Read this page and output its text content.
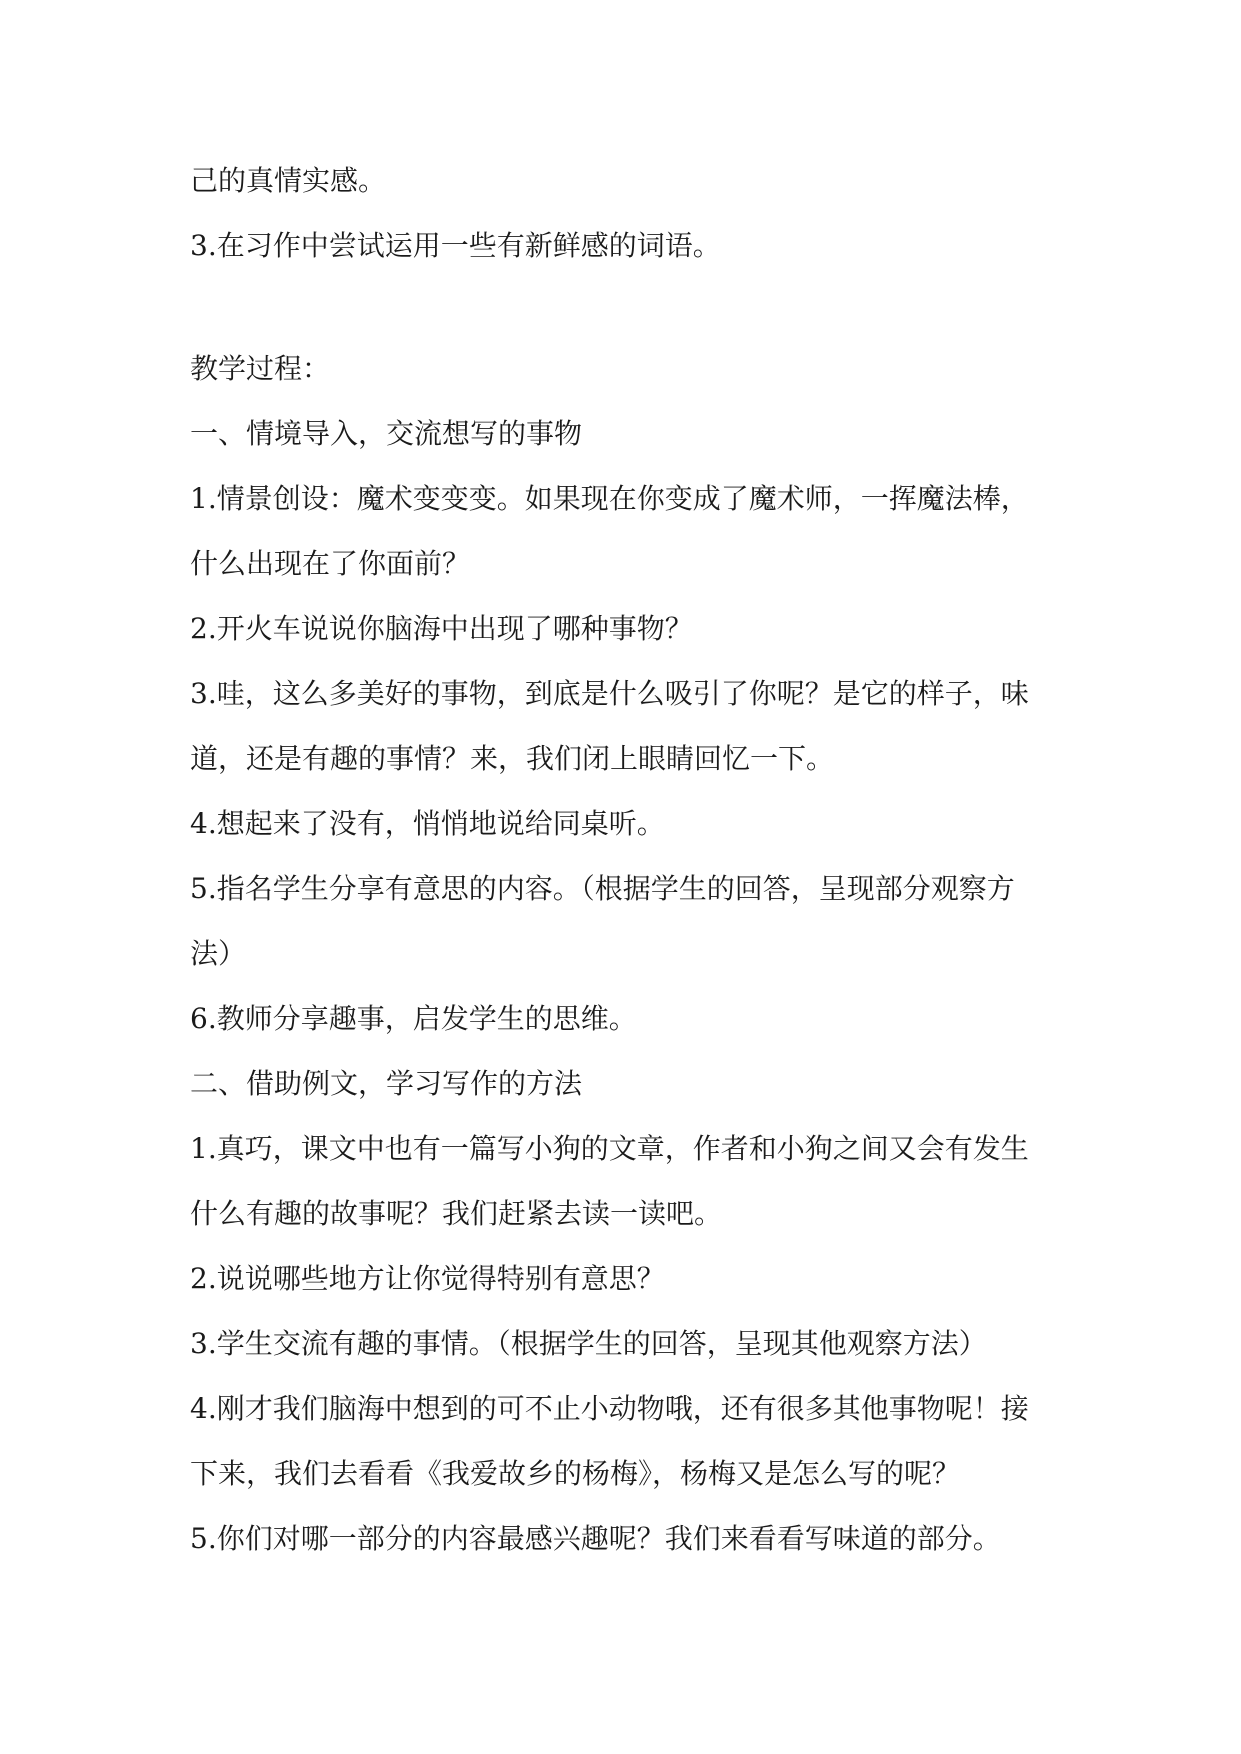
己的真情实感。
3.在习作中尝试运用一些有新鲜感的词语。
教学过程：
一、情境导入，交流想写的事物
1.情景创设：魔术变变变。如果现在你变成了魔术师，一挥魔法棒，
什么出现在了你面前？
2.开火车说说你脑海中出现了哪种事物？
3.哇，这么多美好的事物，到底是什么吸引了你呢？是它的样子，味
道，还是有趣的事情？来，我们闭上眼睛回忆一下。
4.想起来了没有，悄悄地说给同桌听。
5.指名学生分享有意思的内容。（根据学生的回答，呈现部分观察方
法）
6.教师分享趣事，启发学生的思维。
二、借助例文，学习写作的方法
1.真巧，课文中也有一篇写小狗的文章，作者和小狗之间又会有发生
什么有趣的故事呢？我们赶紧去读一读吧。
2.说说哪些地方让你觉得特别有意思？
3.学生交流有趣的事情。（根据学生的回答，呈现其他观察方法）
4.刚才我们脑海中想到的可不止小动物哦，还有很多其他事物呢！接
下来，我们去看看《我爱故乡的杨梅》，杨梅又是怎么写的呢？
5.你们对哪一部分的内容最感兴趣呢？我们来看看写味道的部分。
